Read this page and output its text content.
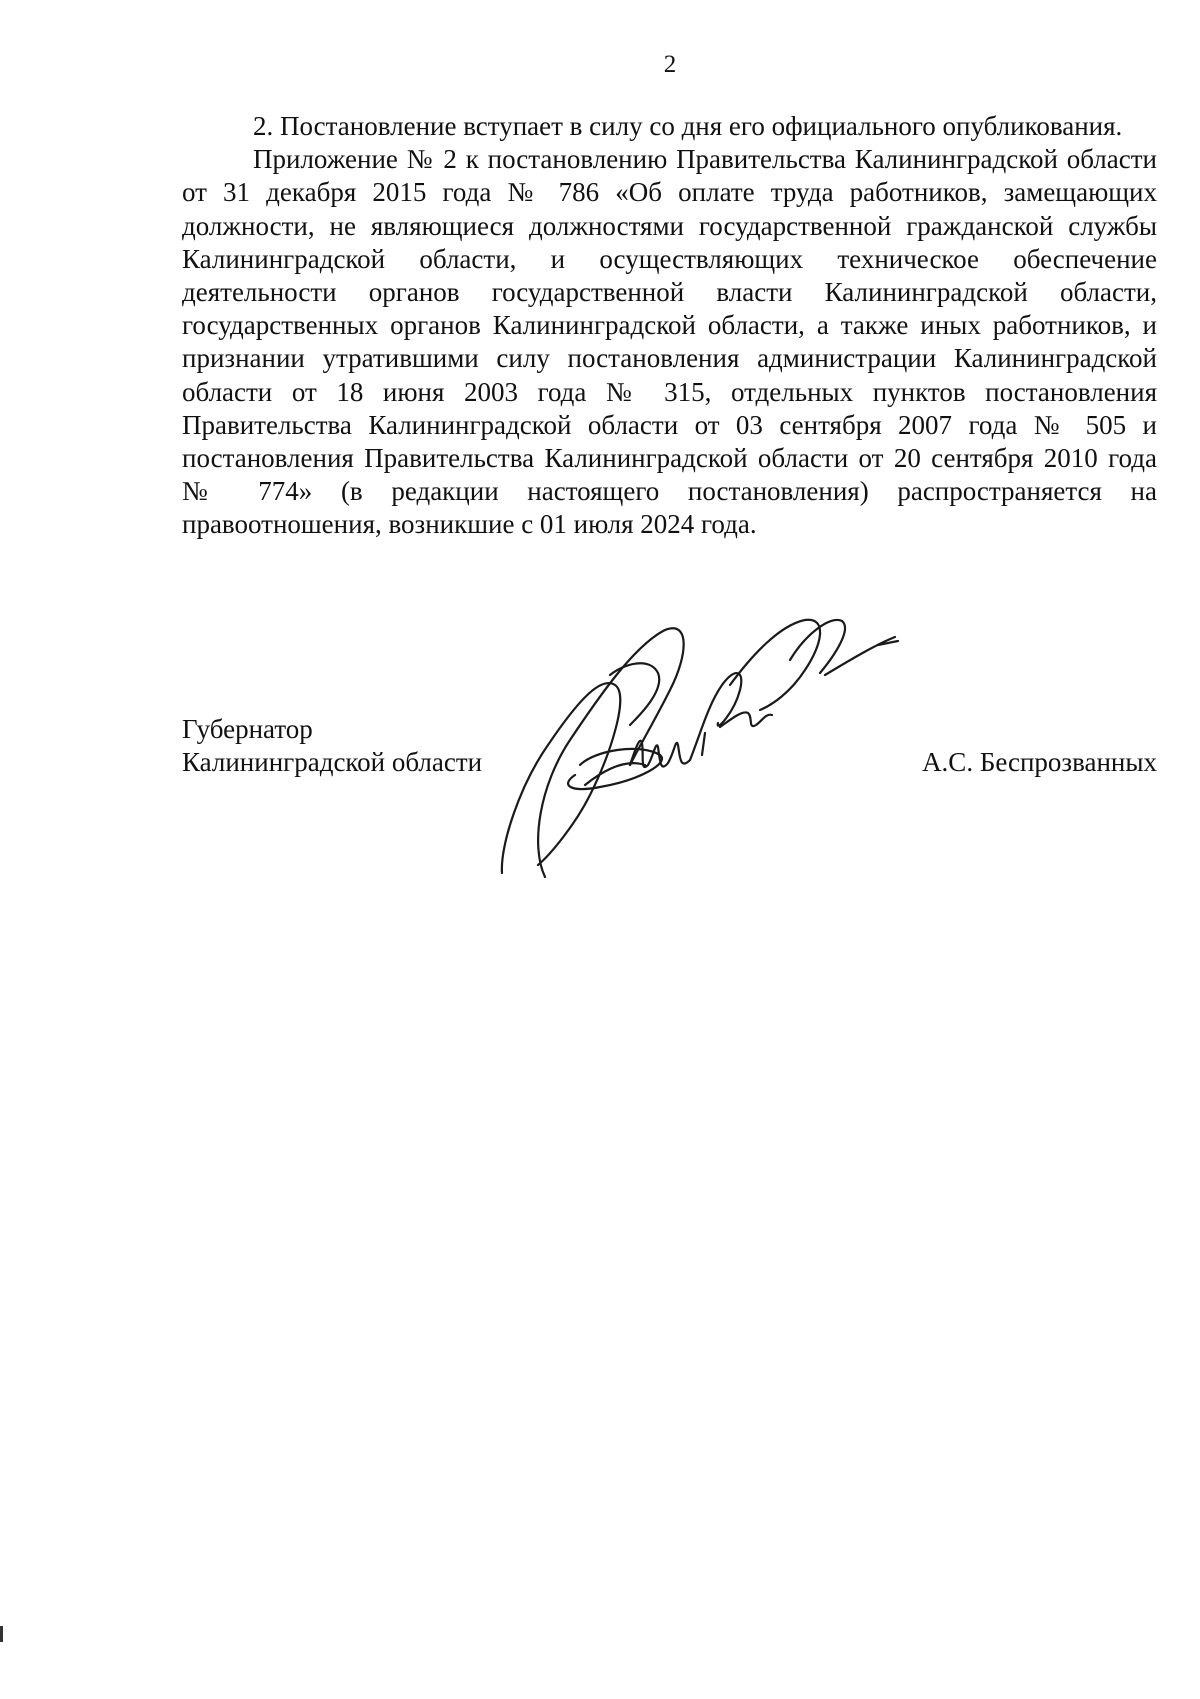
2

2. Постановление вступает в силу со дня его официального опубликования.

Приложение № 2 к постановлению Правительства Калининградской области от 31 декабря 2015 года № 786 «Об оплате труда работников, замещающих должности, не являющиеся должностями государственной гражданской службы Калининградской области, и осуществляющих техническое обеспечение деятельности органов государственной власти Калининградской области, государственных органов Калининградской области, а также иных работников, и признании утратившими силу постановления администрации Калининградской области от 18 июня 2003 года № 315, отдельных пунктов постановления Правительства Калининградской области от 03 сентября 2007 года № 505 и постановления Правительства Калининградской области от 20 сентября 2010 года № 774» (в редакции настоящего постановления) распространяется на правоотношения, возникшие с 01 июля 2024 года.

Губернатор
Калининградской области	А.С. Беспрозванных
